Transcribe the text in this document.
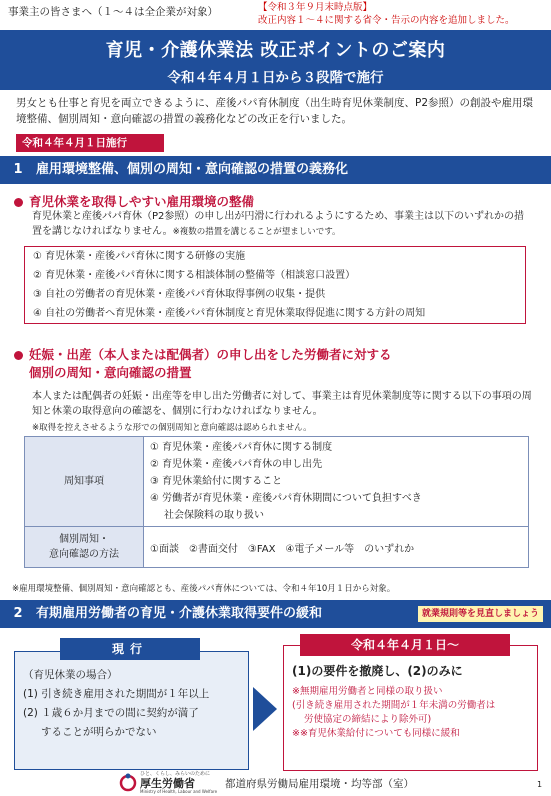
事業主の皆さまへ（１～４は全企業が対象）	【令和３年９月末時点版】
改正内容１～４に関する省令・告示の内容を追加しました。
育児・介護休業法 改正ポイントのご案内
令和４年４月１日から３段階で施行
男女とも仕事と育児を両立できるように、産後パパ育休制度（出生時育児休業制度、P2参照）の創設や雇用環境整備、個別周知・意向確認の措置の義務化などの改正を行いました。
令和４年４月１日施行
1 雇用環境整備、個別の周知・意向確認の措置の義務化
育児休業を取得しやすい雇用環境の整備
育児休業と産後パパ育休（P2参照）の申し出が円滑に行われるようにするため、事業主は以下のいずれかの措置を講じなければなりません。※複数の措置を講じることが望ましいです。
① 育児休業・産後パパ育休に関する研修の実施
② 育児休業・産後パパ育休に関する相談体制の整備等（相談窓口設置）
③ 自社の労働者の育児休業・産後パパ育休取得事例の収集・提供
④ 自社の労働者へ育児休業・産後パパ育休制度と育児休業取得促進に関する方針の周知
妊娠・出産（本人または配偶者）の申し出をした労働者に対する
個別の周知・意向確認の措置
本人または配偶者の妊娠・出産等を申し出た労働者に対して、事業主は育児休業制度等に関する以下の事項の周知と休業の取得意向の確認を、個別に行わなければなりません。
※取得を控えさせるような形での個別周知と意向確認は認められません。
周知事項	① 育児休業・産後パパ育休に関する制度
② 育児休業・産後パパ育休の申し出先
③ 育児休業給付に関すること
④ 労働者が育児休業・産後パパ育休期間について負担すべき
社会保険料の取り扱い

個別周知・
意向確認の方法	①面談　②書面交付　③FAX　④電子メール等　のいずれか
※雇用環境整備、個別周知・意向確認とも、産後パパ育休については、令和４年10月１日から対象。
2 有期雇用労働者の育児・介護休業取得要件の緩和	就業規則等を見直しましょう
（育児休業の場合）
(1) 引き続き雇用された期間が１年以上
(2) １歳６か月までの間に契約が満了
することが明らかでない
現行
(1)の要件を撤廃し、(2)のみに
※無期雇用労働者と同様の取り扱い
(引き続き雇用された期間が１年未満の労働者は
労使協定の締結により除外可)
※※育児休業給付についても同様に緩和
令和４年４月１日～
ひと、くらし、みらいのために
厚生労働省
Ministry of Health, Labour and Welfare
都道府県労働局雇用環境・均等部（室）	1
